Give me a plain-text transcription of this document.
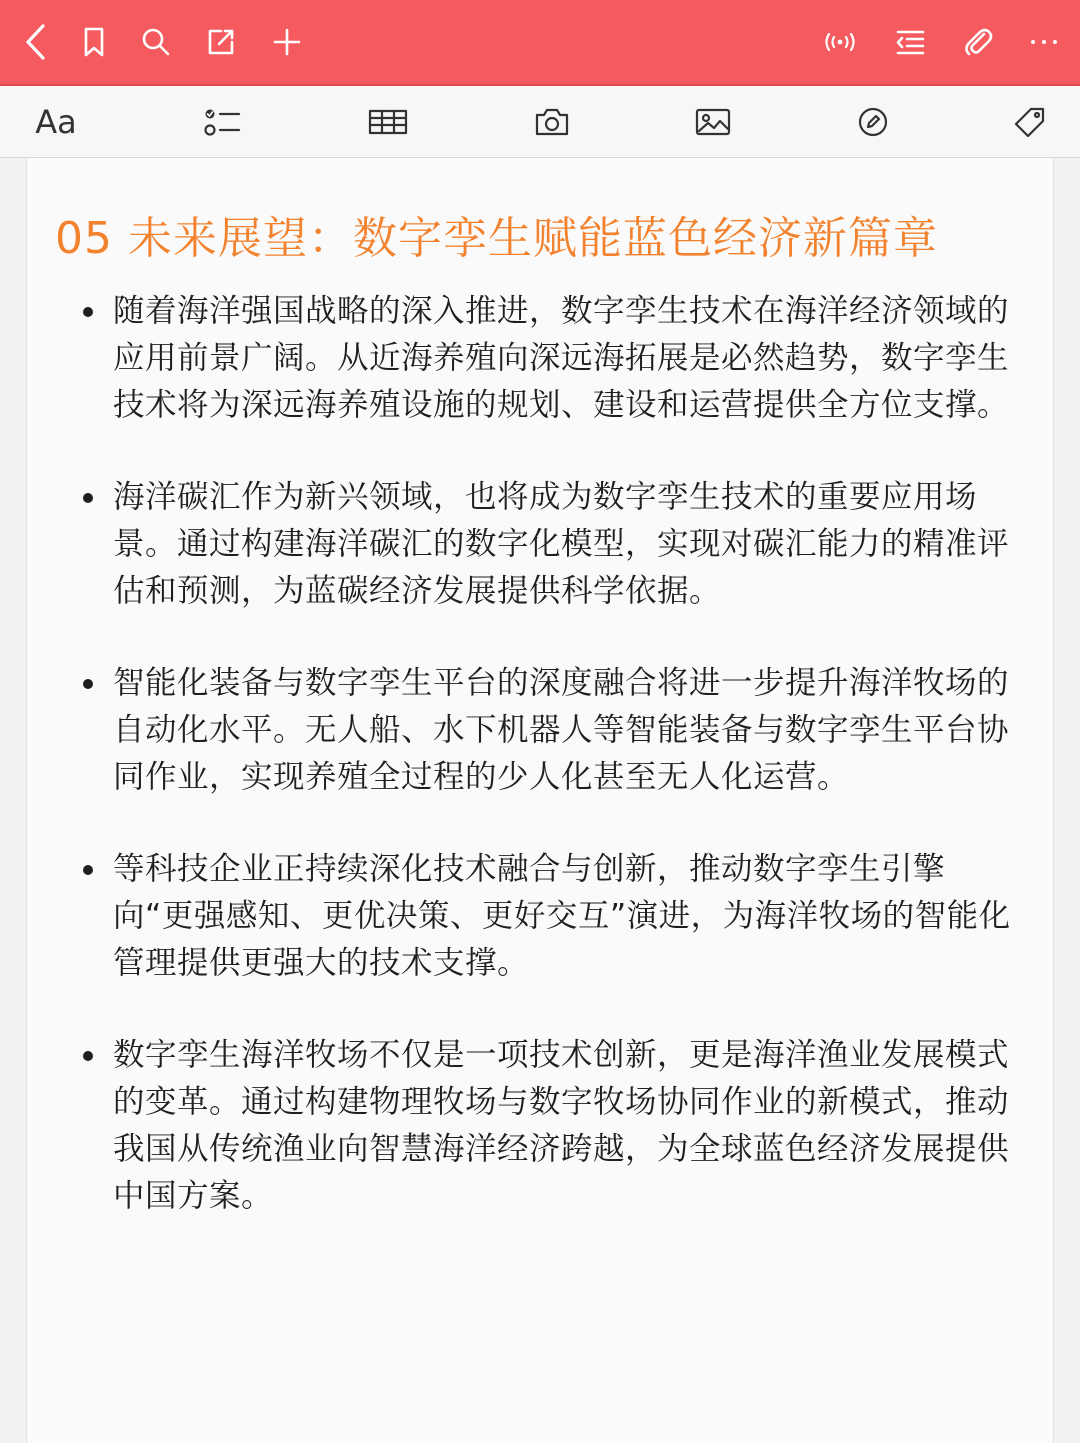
Aa
05 未来展望：数字孪生赋能蓝色经济新篇章
随着海洋强国战略的深入推进，数字孪生技术在海洋经济领域的应用前景广阔。从近海养殖向深远海拓展是必然趋势，数字孪生技术将为深远海养殖设施的规划、建设和运营提供全方位支撑。
海洋碳汇作为新兴领域，也将成为数字孪生技术的重要应用场景。通过构建海洋碳汇的数字化模型，实现对碳汇能力的精准评估和预测，为蓝碳经济发展提供科学依据。
智能化装备与数字孪生平台的深度融合将进一步提升海洋牧场的自动化水平。无人船、水下机器人等智能装备与数字孪生平台协同作业，实现养殖全过程的少人化甚至无人化运营。
等科技企业正持续深化技术融合与创新，推动数字孪生引擎向“更强感知、更优决策、更好交互”演进，为海洋牧场的智能化管理提供更强大的技术支撑。
数字孪生海洋牧场不仅是一项技术创新，更是海洋渔业发展模式的变革。通过构建物理牧场与数字牧场协同作业的新模式，推动我国从传统渔业向智慧海洋经济跨越，为全球蓝色经济发展提供中国方案。
